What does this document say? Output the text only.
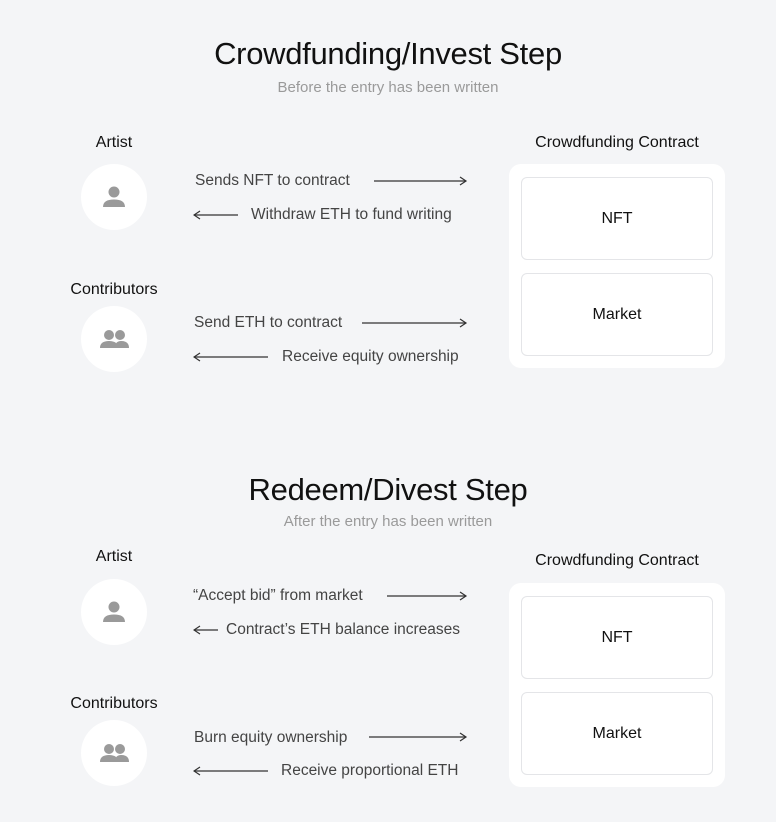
Crowdfunding/Invest Step
Before the entry has been written
Artist
Sends NFT to contract
Withdraw ETH to fund writing
Contributors
Send ETH to contract
Receive equity ownership
Crowdfunding Contract
NFT
Market
Redeem/Divest Step
After the entry has been written
Artist
“Accept bid” from market
Contract’s ETH balance increases
Contributors
Burn equity ownership
Receive proportional ETH
Crowdfunding Contract
NFT
Market
